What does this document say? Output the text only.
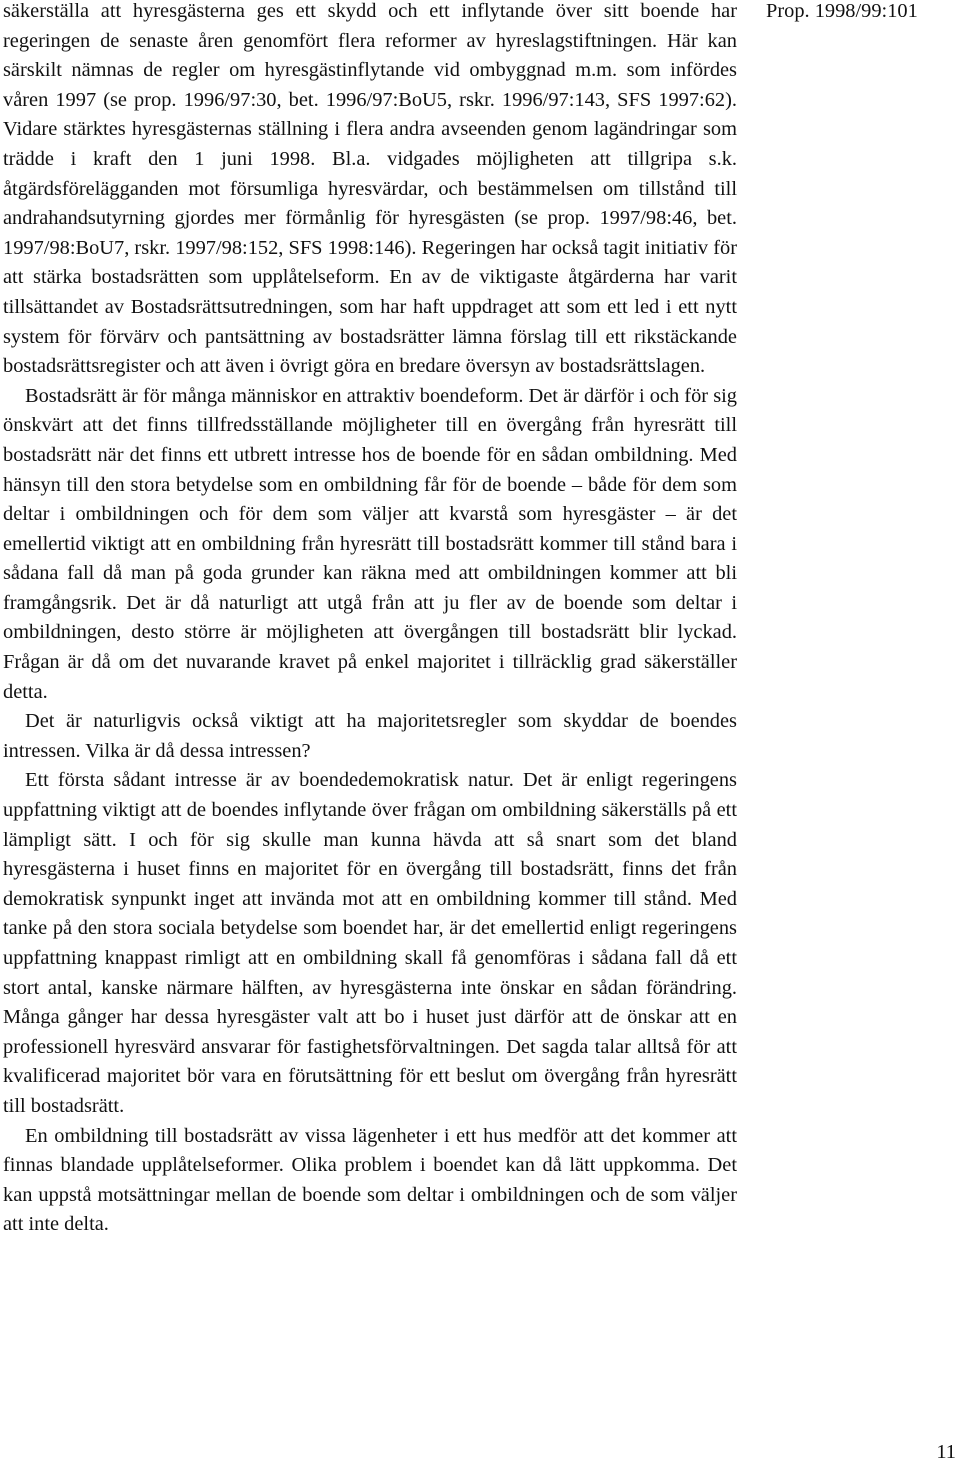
säkerställa att hyresgästerna ges ett skydd och ett inflytande över sitt boende har regeringen de senaste åren genomfört flera reformer av hyreslagstiftningen. Här kan särskilt nämnas de regler om hyresgästinflytande vid ombyggnad m.m. som infördes våren 1997 (se prop. 1996/97:30, bet. 1996/97:BoU5, rskr. 1996/97:143, SFS 1997:62). Vidare stärktes hyresgästernas ställning i flera andra avseenden genom lagändringar som trädde i kraft den 1 juni 1998. Bl.a. vidgades möjligheten att tillgripa s.k. åtgärdsförelägganden mot försumliga hyresvärdar, och bestämmelsen om tillstånd till andrahandsutyrning gjordes mer förmånlig för hyresgästen (se prop. 1997/98:46, bet. 1997/98:BoU7, rskr. 1997/98:152, SFS 1998:146). Regeringen har också tagit initiativ för att stärka bostadsrätten som upplåtelseform. En av de viktigaste åtgärderna har varit tillsättandet av Bostadsrättsutredningen, som har haft uppdraget att som ett led i ett nytt system för förvärv och pantsättning av bostadsrätter lämna förslag till ett rikstäckande bostadsrättsregister och att även i övrigt göra en bredare översyn av bostadsrättslagen.

Bostadsrätt är för många människor en attraktiv boendeform. Det är därför i och för sig önskvärt att det finns tillfredsställande möjligheter till en övergång från hyresrätt till bostadsrätt när det finns ett utbrett intresse hos de boende för en sådan ombildning. Med hänsyn till den stora betydelse som en ombildning får för de boende – både för dem som deltar i ombildningen och för dem som väljer att kvarstå som hyresgäster – är det emellertid viktigt att en ombildning från hyresrätt till bostadsrätt kommer till stånd bara i sådana fall då man på goda grunder kan räkna med att ombildningen kommer att bli framgångsrik. Det är då naturligt att utgå från att ju fler av de boende som deltar i ombildningen, desto större är möjligheten att övergången till bostadsrätt blir lyckad. Frågan är då om det nuvarande kravet på enkel majoritet i tillräcklig grad säkerställer detta.

Det är naturligvis också viktigt att ha majoritetsregler som skyddar de boendes intressen. Vilka är då dessa intressen?

Ett första sådant intresse är av boendedemokratisk natur. Det är enligt regeringens uppfattning viktigt att de boendes inflytande över frågan om ombildning säkerställs på ett lämpligt sätt. I och för sig skulle man kunna hävda att så snart som det bland hyresgästerna i huset finns en majoritet för en övergång till bostadsrätt, finns det från demokratisk synpunkt inget att invända mot att en ombildning kommer till stånd. Med tanke på den stora sociala betydelse som boendet har, är det emellertid enligt regeringens uppfattning knappast rimligt att en ombildning skall få genomföras i sådana fall då ett stort antal, kanske närmare hälften, av hyresgästerna inte önskar en sådan förändring. Många gånger har dessa hyresgäster valt att bo i huset just därför att de önskar att en professionell hyresvärd ansvarar för fastighetsförvaltningen. Det sagda talar alltså för att kvalificerad majoritet bör vara en förutsättning för ett beslut om övergång från hyresrätt till bostadsrätt.

En ombildning till bostadsrätt av vissa lägenheter i ett hus medför att det kommer att finnas blandade upplåtelseformer. Olika problem i boendet kan då lätt uppkomma. Det kan uppstå motsättningar mellan de boende som deltar i ombildningen och de som väljer att inte delta.

Prop. 1998/99:101
11
